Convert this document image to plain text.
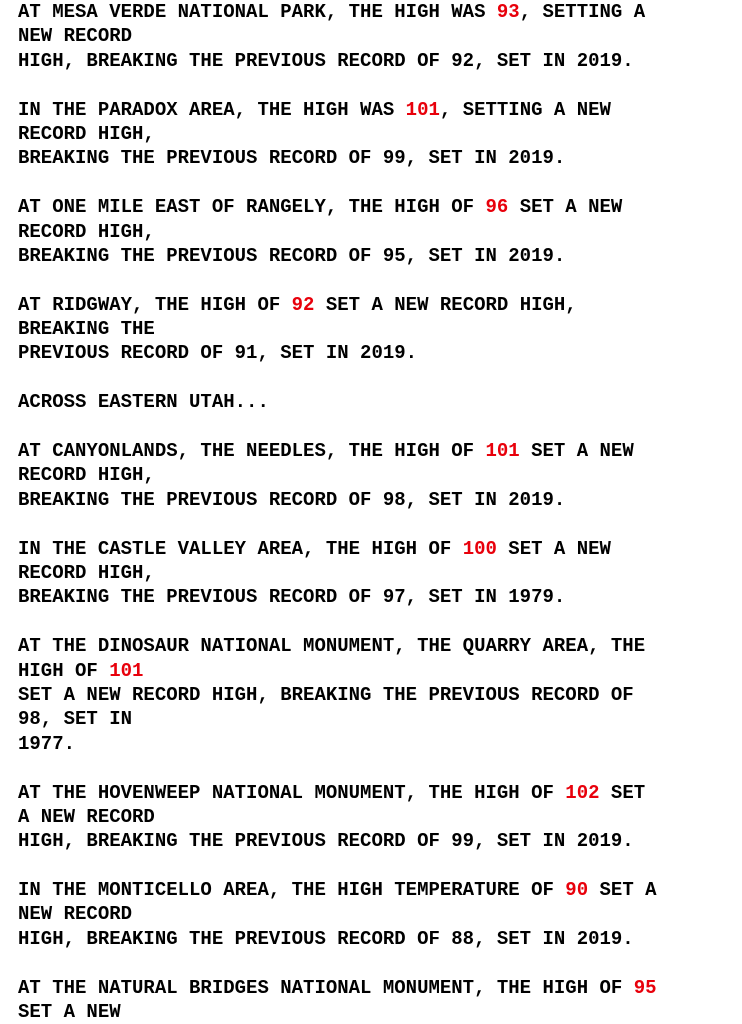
AT MESA VERDE NATIONAL PARK, THE HIGH WAS 93, SETTING A
NEW RECORD
HIGH, BREAKING THE PREVIOUS RECORD OF 92, SET IN 2019.
IN THE PARADOX AREA, THE HIGH WAS 101, SETTING A NEW
RECORD HIGH,
BREAKING THE PREVIOUS RECORD OF 99, SET IN 2019.
AT ONE MILE EAST OF RANGELY, THE HIGH OF 96 SET A NEW
RECORD HIGH,
BREAKING THE PREVIOUS RECORD OF 95, SET IN 2019.
AT RIDGWAY, THE HIGH OF 92 SET A NEW RECORD HIGH,
BREAKING THE
PREVIOUS RECORD OF 91, SET IN 2019.
ACROSS EASTERN UTAH...
AT CANYONLANDS, THE NEEDLES, THE HIGH OF 101 SET A NEW
RECORD HIGH,
BREAKING THE PREVIOUS RECORD OF 98, SET IN 2019.
IN THE CASTLE VALLEY AREA, THE HIGH OF 100 SET A NEW
RECORD HIGH,
BREAKING THE PREVIOUS RECORD OF 97, SET IN 1979.
AT THE DINOSAUR NATIONAL MONUMENT, THE QUARRY AREA, THE
HIGH OF 101
SET A NEW RECORD HIGH, BREAKING THE PREVIOUS RECORD OF
98, SET IN
1977.
AT THE HOVENWEEP NATIONAL MONUMENT, THE HIGH OF 102 SET
A NEW RECORD
HIGH, BREAKING THE PREVIOUS RECORD OF 99, SET IN 2019.
IN THE MONTICELLO AREA, THE HIGH TEMPERATURE OF 90 SET A
NEW RECORD
HIGH, BREAKING THE PREVIOUS RECORD OF 88, SET IN 2019.
AT THE NATURAL BRIDGES NATIONAL MONUMENT, THE HIGH OF 95
SET A NEW
